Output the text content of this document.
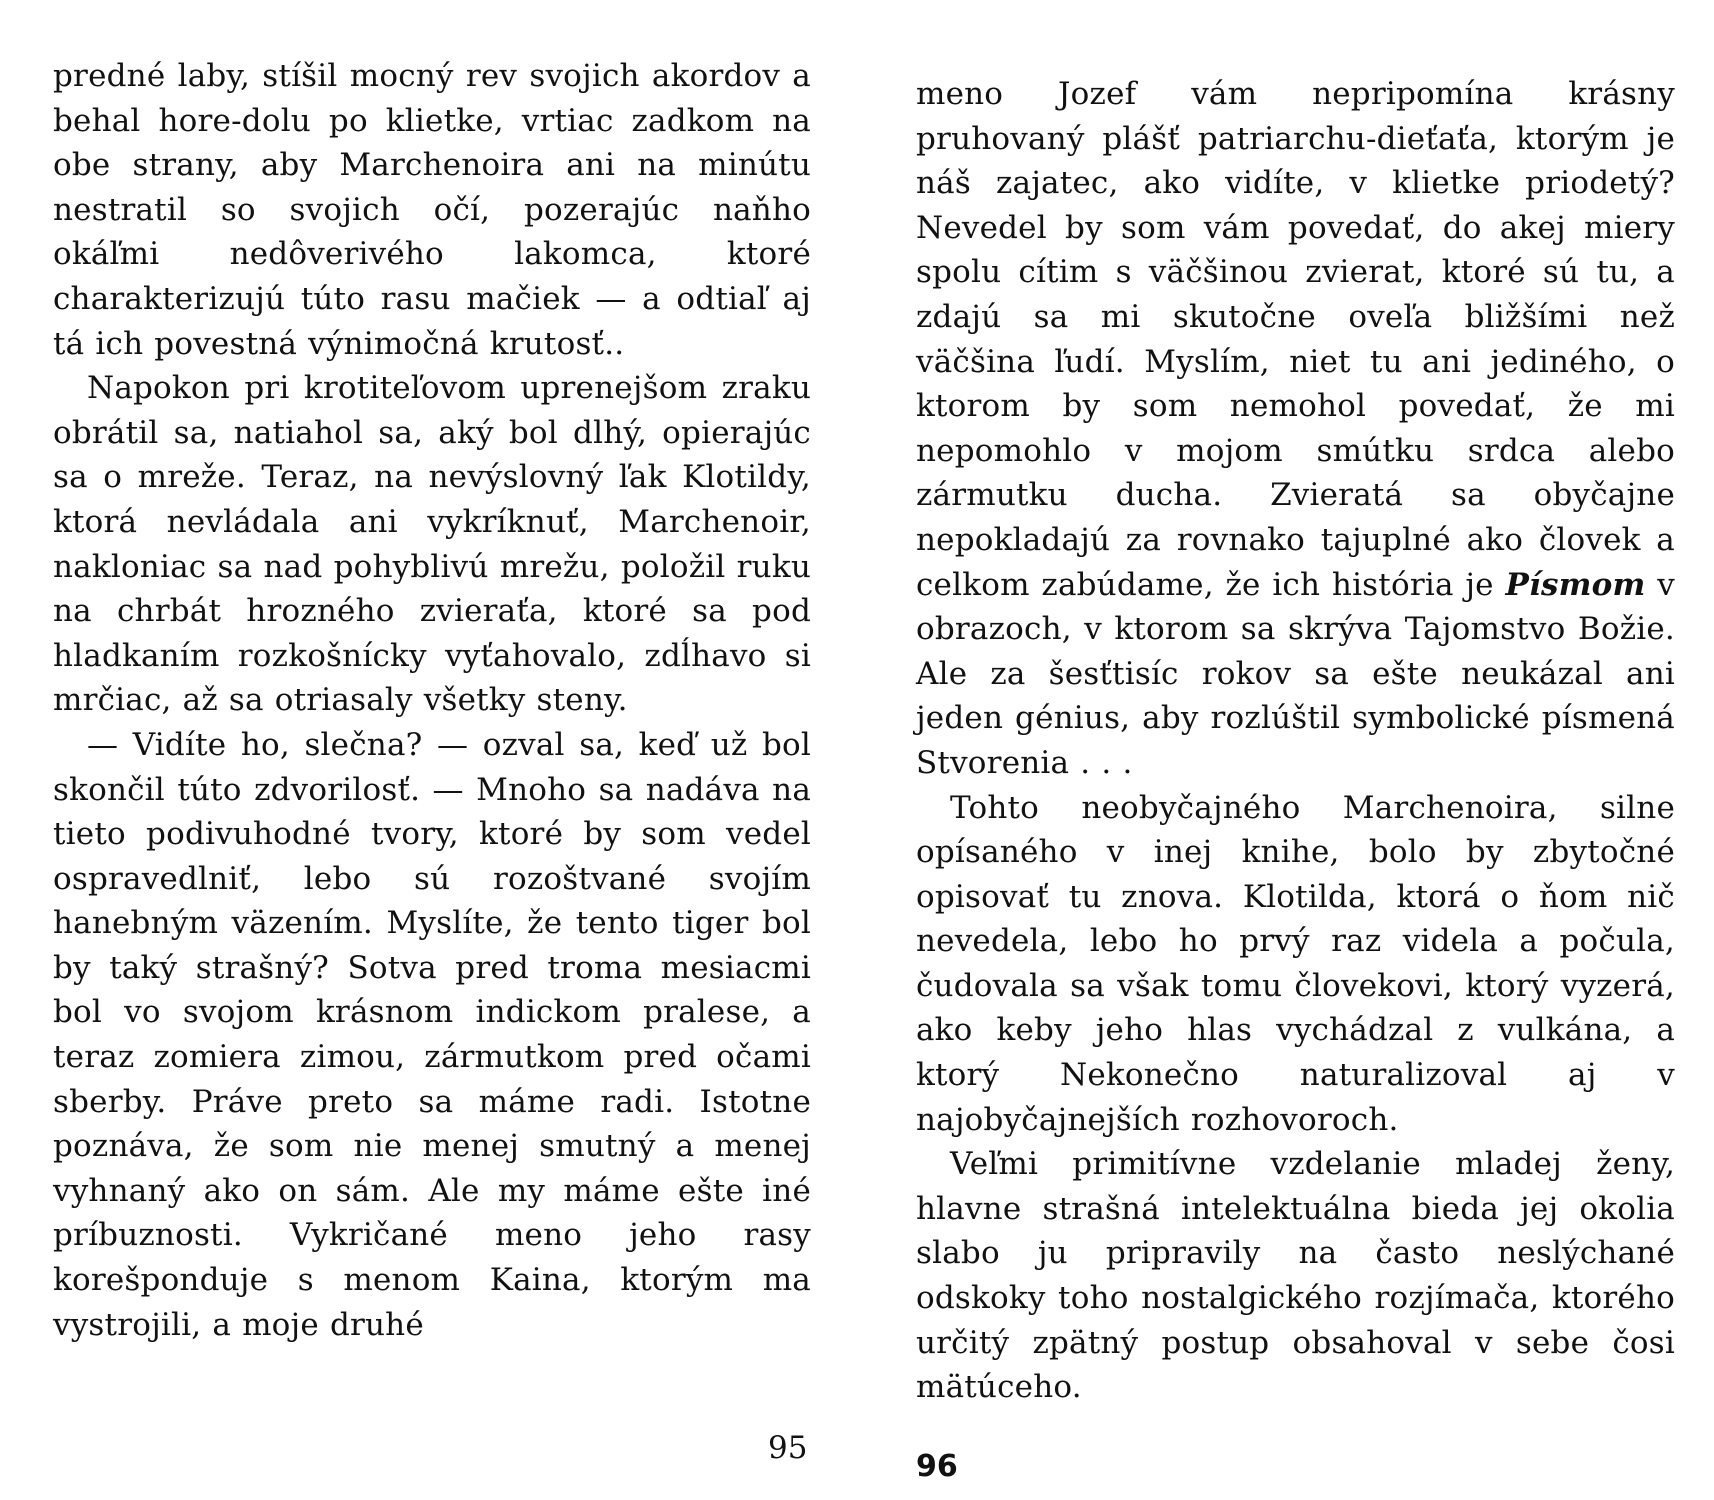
predné laby, stíšil mocný rev svojich akordov a behal hore-dolu po klietke, vrtiac zadkom na obe strany, aby Marchenoira ani na minútu nestratil so svojich očí, pozerajúc naňho okáľmi nedôverivého lakomca, ktoré charakterizujú túto rasu mačiek — a odtiaľ aj tá ich povestná výnimočná krutosť..

Napokon pri krotiteľovom uprenejšom zraku obrátil sa, natiahol sa, aký bol dlhý, opierajúc sa o mreže. Teraz, na nevýslovný ľak Klotildy, ktorá nevládala ani vykríknuť, Marchenoir, nakloniac sa nad pohyblivú mrežu, položil ruku na chrbát hrozného zvieraťa, ktoré sa pod hladkaním rozkošnícky vyťahovalo, zdĺhavo si mrčiac, až sa otriasaly všetky steny.

— Vidíte ho, slečna? — ozval sa, keď už bol skončil túto zdvorilosť. — Mnoho sa nadáva na tieto podivuhodné tvory, ktoré by som vedel ospravedlniť, lebo sú rozoštvané svojím hanebným väzením. Myslíte, že tento tiger bol by taký strašný? Sotva pred troma mesiacmi bol vo svojom krásnom indickom pralese, a teraz zomiera zimou, zármutkom pred očami sberby. Práve preto sa máme radi. Istotne poznáva, že som nie menej smutný a menej vyhnaný ako on sám. Ale my máme ešte iné príbuznosti. Vykričané meno jeho rasy korešponduje s menom Kaina, ktorým ma vystrojili, a moje druhé

95

meno Jozef vám nepripomína krásny pruhovaný plášť patriarchu-dieťaťa, ktorým je náš zajatec, ako vidíte, v klietke priodetý? Nevedel by som vám povedať, do akej miery spolu cítim s väčšinou zvierat, ktoré sú tu, a zdajú sa mi skutočne oveľa bližšími než väčšina ľudí. Myslím, niet tu ani jediného, o ktorom by som nemohol povedať, že mi nepomohlo v mojom smútku srdca alebo zármutku ducha. Zvieratá sa obyčajne nepokladajú za rovnako tajuplné ako človek a celkom zabúdame, že ich história je Písmom v obrazoch, v ktorom sa skrýva Tajomstvo Božie. Ale za šesťtisíc rokov sa ešte neukázal ani jeden génius, aby rozlúštil symbolické písmená Stvorenia . . .

Tohto neobyčajného Marchenoira, silne opísaného v inej knihe, bolo by zbytočné opisovať tu znova. Klotilda, ktorá o ňom nič nevedela, lebo ho prvý raz videla a počula, čudovala sa však tomu človekovi, ktorý vyzerá, ako keby jeho hlas vychádzal z vulkána, a ktorý Nekonečno naturalizoval aj v najobyčajnejších rozhovoroch.

Veľmi primitívne vzdelanie mladej ženy, hlavne strašná intelektuálna bieda jej okolia slabo ju pripravily na často neslýchané odskoky toho nostalgického rozjímača, ktorého určitý zpätný postup obsahoval v sebe čosi mätúceho.

96
